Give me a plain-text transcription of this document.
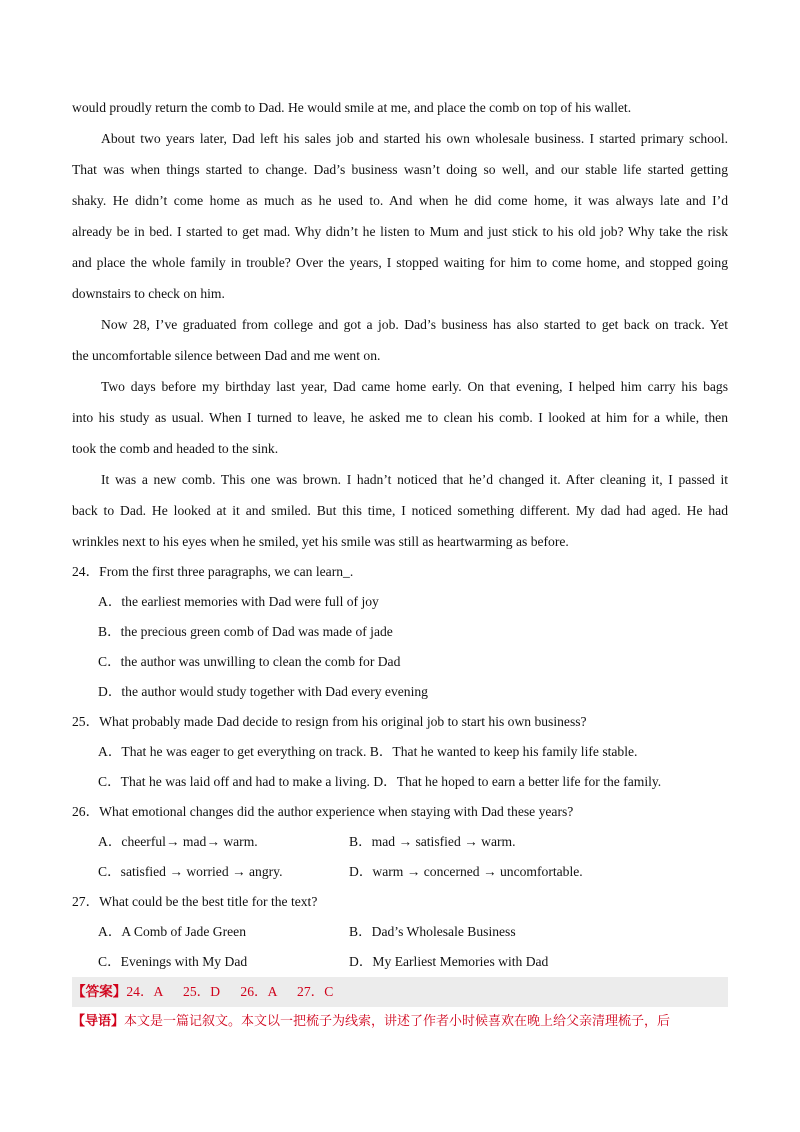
would proudly return the comb to Dad. He would smile at me, and place the comb on top of his wallet.
About two years later, Dad left his sales job and started his own wholesale business. I started primary school.
That was when things started to change. Dad’s business wasn’t doing so well, and our stable life started getting
shaky. He didn’t come home as much as he used to. And when he did come home, it was always late and I’d
already be in bed. I started to get mad. Why didn’t he listen to Mum and just stick to his old job? Why take the risk
and place the whole family in trouble? Over the years, I stopped waiting for him to come home, and stopped going
downstairs to check on him.
Now 28, I’ve graduated from college and got a job. Dad’s business has also started to get back on track. Yet
the uncomfortable silence between Dad and me went on.
Two days before my birthday last year, Dad came home early. On that evening, I helped him carry his bags
into his study as usual. When I turned to leave, he asked me to clean his comb. I looked at him for a while, then
took the comb and headed to the sink.
It was a new comb. This one was brown. I hadn’t noticed that he’d changed it. After cleaning it, I passed it
back to Dad. He looked at it and smiled. But this time, I noticed something different. My dad had aged. He had
wrinkles next to his eyes when he smiled, yet his smile was still as heartwarming as before.
24．From the first three paragraphs, we can learn_.
A．the earliest memories with Dad were full of joy
B．the precious green comb of Dad was made of jade
C．the author was unwilling to clean the comb for Dad
D．the author would study together with Dad every evening
25．What probably made Dad decide to resign from his original job to start his own business?
A．That he was eager to get everything on track. B．That he wanted to keep his family life stable.
C．That he was laid off and had to make a living. D．That he hoped to earn a better life for the family.
26．What emotional changes did the author experience when staying with Dad these years?
A．cheerful→ mad→ warm.	B．mad → satisfied → warm.
C．satisfied → worried → angry.	D．warm → concerned → uncomfortable.
27．What could be the best title for the text?
A．A Comb of Jade Green	B．Dad’s Wholesale Business
C．Evenings with My Dad	D．My Earliest Memories with Dad
【答案】24．A      25．D      26．A      27．C
【导语】本文是一篇记叙文。本文以一把梳子为线索，讲述了作者小时候喜欢在晚上给父亲清理梳子，后
